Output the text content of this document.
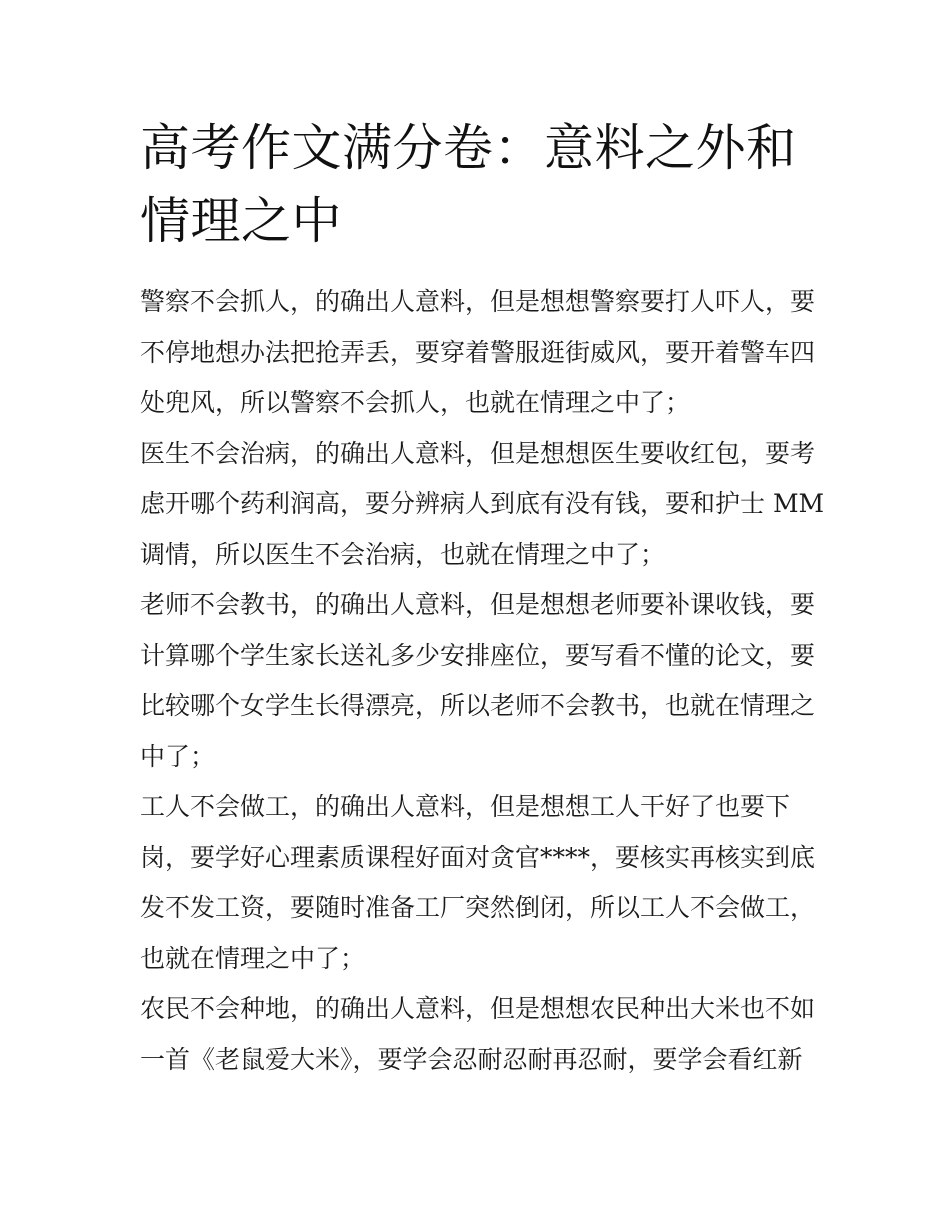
高考作文满分卷：意料之外和
情理之中
警察不会抓人，的确出人意料，但是想想警察要打人吓人，要
不停地想办法把抢弄丢，要穿着警服逛街威风，要开着警车四
处兜风，所以警察不会抓人，也就在情理之中了；
医生不会治病，的确出人意料，但是想想医生要收红包，要考
虑开哪个药利润高，要分辨病人到底有没有钱，要和护士 MM
调情，所以医生不会治病，也就在情理之中了；
老师不会教书，的确出人意料，但是想想老师要补课收钱，要
计算哪个学生家长送礼多少安排座位，要写看不懂的论文，要
比较哪个女学生长得漂亮，所以老师不会教书，也就在情理之
中了；
工人不会做工，的确出人意料，但是想想工人干好了也要下
岗，要学好心理素质课程好面对贪官****，要核实再核实到底
发不发工资，要随时准备工厂突然倒闭，所以工人不会做工，
也就在情理之中了；
农民不会种地，的确出人意料，但是想想农民种出大米也不如
一首《老鼠爱大米》，要学会忍耐忍耐再忍耐，要学会看红新
